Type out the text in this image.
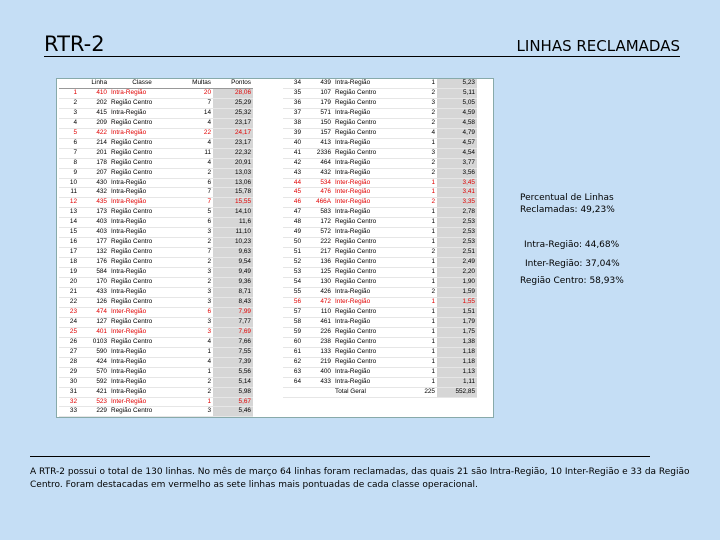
RTR-2	LINHAS RECLAMADAS
	Linha	Classe	Multas	Pontos
1	410	Intra-Região	20	28,06
2	202	Região Centro	7	25,29
3	415	Intra-Região	14	25,32
4	209	Região Centro	4	23,17
5	422	Intra-Região	22	24,17
6	214	Região Centro	4	23,17
7	201	Região Centro	11	22,32
8	178	Região Centro	4	20,91
9	207	Região Centro	2	13,03
10	430	Intra-Região	6	13,06
11	432	Intra-Região	7	15,78
12	435	Intra-Região	7	15,55
13	173	Região Centro	5	14,10
14	403	Intra-Região	6	11,6
15	403	Intra-Região	3	11,10
16	177	Região Centro	2	10,23
17	132	Região Centro	7	9,63
18	176	Região Centro	2	9,54
19	584	Intra-Região	3	9,49
20	170	Região Centro	2	9,36
21	433	Intra-Região	3	8,71
22	126	Região Centro	3	8,43
23	474	Inter-Região	6	7,99
24	127	Região Centro	3	7,77
25	401	Inter-Região	3	7,69
26	0103	Região Centro	4	7,66
27	590	Intra-Região	1	7,55
28	424	Intra-Região	4	7,39
29	570	Intra-Região	1	5,56
30	592	Intra-Região	2	5,14
31	421	Intra-Região	2	5,98
32	523	Inter-Região	1	5,67
33	229	Região Centro	3	5,46
34	439	Intra-Região	1	5,23
35	107	Região Centro	2	5,11
36	179	Região Centro	3	5,05
37	571	Intra-Região	2	4,59
38	150	Região Centro	2	4,58
39	157	Região Centro	4	4,79
40	413	Intra-Região	1	4,57
41	2336	Região Centro	3	4,54
42	464	Intra-Região	2	3,77
43	432	Intra-Região	2	3,56
44	534	Inter-Região	1	3,45
45	476	Inter-Região	1	3,41
46	466A	Inter-Região	2	3,35
47	583	Intra-Região	1	2,78
48	172	Região Centro	1	2,53
49	572	Intra-Região	1	2,53
50	222	Região Centro	1	2,53
51	217	Região Centro	2	2,51
52	136	Região Centro	1	2,49
53	125	Região Centro	1	2,20
54	130	Região Centro	1	1,90
55	426	Intra-Região	2	1,59
56	472	Inter-Região	1	1,55
57	110	Região Centro	1	1,51
58	461	Intra-Região	1	1,79
59	226	Região Centro	1	1,75
60	238	Região Centro	1	1,38
61	133	Região Centro	1	1,18
62	219	Região Centro	1	1,18
63	400	Intra-Região	1	1,13
64	433	Intra-Região	1	1,11
		Total Geral	225	552,85
Percentual de Linhas Reclamadas: 49,23%
Intra-Região: 44,68%
Inter-Região: 37,04%
Região Centro: 58,93%
A RTR-2 possui o total de 130 linhas. No mês de março 64 linhas foram reclamadas, das quais 21 são Intra-Região, 10 Inter-Região e 33 da Região Centro. Foram destacadas em vermelho as sete linhas mais pontuadas de cada classe operacional.
